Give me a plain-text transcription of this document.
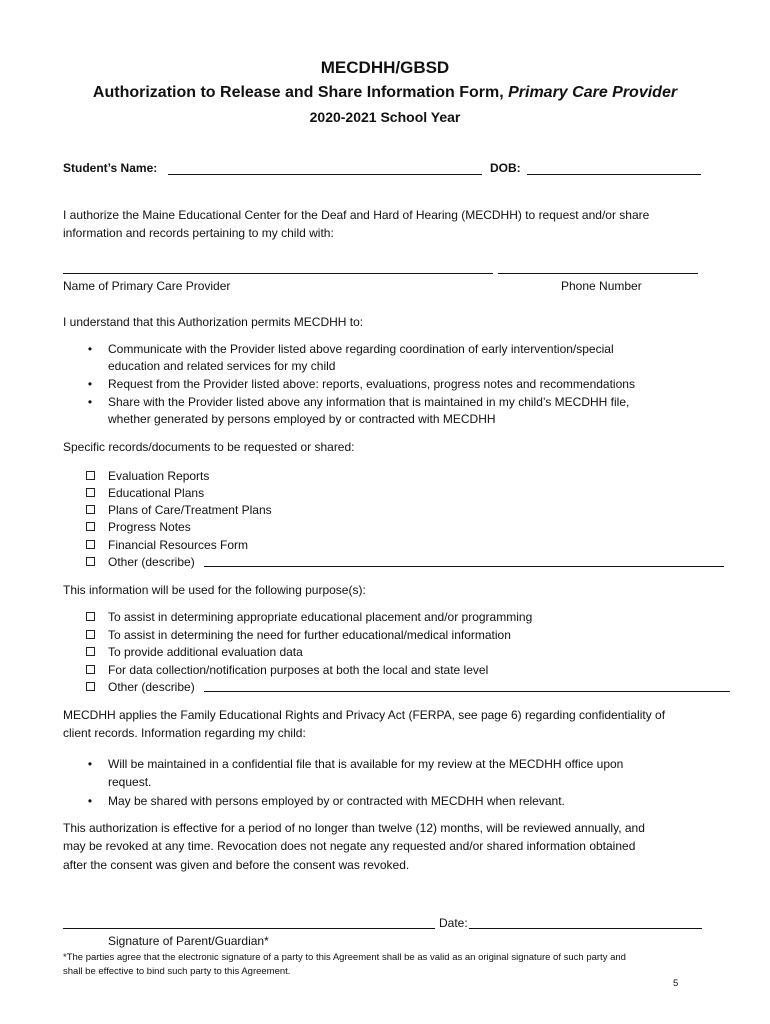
MECDHH/GBSD
Authorization to Release and Share Information Form, Primary Care Provider
2020-2021 School Year
Student’s Name:	DOB:
I authorize the Maine Educational Center for the Deaf and Hard of Hearing (MECDHH) to request and/or share
information and records pertaining to my child with:
Name of Primary Care Provider	Phone Number
I understand that this Authorization permits MECDHH to:
•	Communicate with the Provider listed above regarding coordination of early intervention/special
education and related services for my child
•	Request from the Provider listed above: reports, evaluations, progress notes and recommendations
•	Share with the Provider listed above any information that is maintained in my child’s MECDHH file,
whether generated by persons employed by or contracted with MECDHH
Specific records/documents to be requested or shared:
Evaluation Reports
Educational Plans
Plans of Care/Treatment Plans
Progress Notes
Financial Resources Form
Other (describe)
This information will be used for the following purpose(s):
To assist in determining appropriate educational placement and/or programming
To assist in determining the need for further educational/medical information
To provide additional evaluation data
For data collection/notification purposes at both the local and state level
Other (describe)
MECDHH applies the Family Educational Rights and Privacy Act (FERPA, see page 6) regarding confidentiality of
client records. Information regarding my child:
•	Will be maintained in a confidential file that is available for my review at the MECDHH office upon
request.
•	May be shared with persons employed by or contracted with MECDHH when relevant.
This authorization is effective for a period of no longer than twelve (12) months, will be reviewed annually, and
may be revoked at any time. Revocation does not negate any requested and/or shared information obtained
after the consent was given and before the consent was revoked.
Date:
Signature of Parent/Guardian*
*The parties agree that the electronic signature of a party to this Agreement shall be as valid as an original signature of such party and
shall be effective to bind such party to this Agreement.
5
